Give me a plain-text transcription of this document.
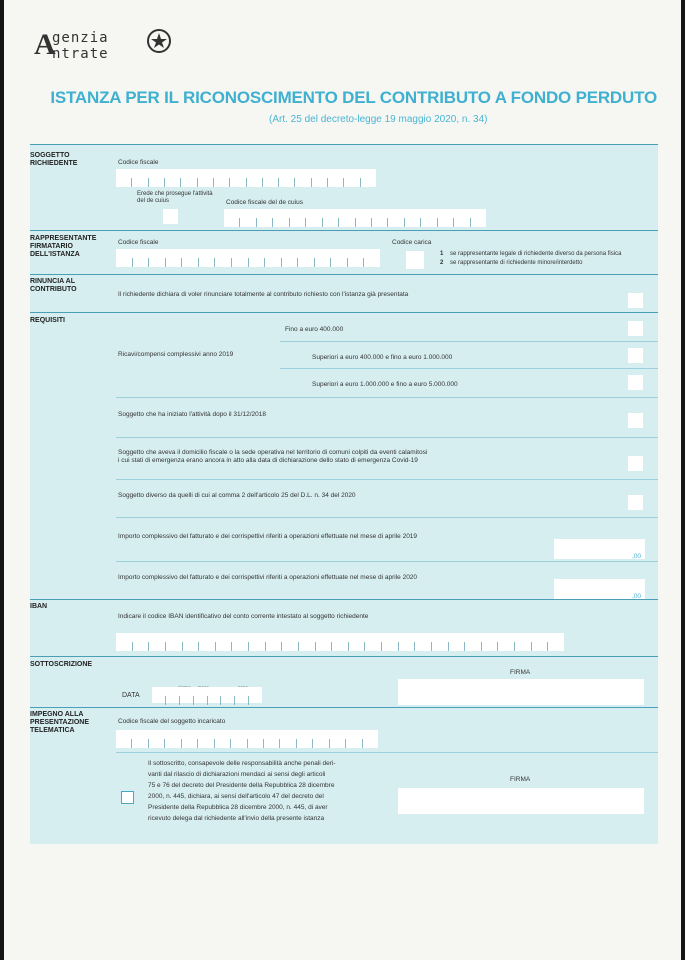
A
genzia
ntrate
ISTANZA PER IL RICONOSCIMENTO DEL CONTRIBUTO A FONDO PERDUTO
(Art. 25 del decreto-legge 19 maggio 2020, n. 34)
SOGGETTO RICHIEDENTE	Codice fiscale
Erede che prosegue l'attività del de cuius	Codice fiscale del de cuius
RAPPRESENTANTE FIRMATARIO DELL'ISTANZA
Codice fiscale	Codice carica
1 se rappresentante legale di richiedente diverso da persona fisica
2 se rappresentante di richiedente minore/interdetto
RINUNCIA AL CONTRIBUTO
Il richiedente dichiara di voler rinunciare totalmente al contributo richiesto con l'istanza già presentata
REQUISITI
Fino a euro 400.000
Ricavi/compensi complessivi anno 2019	Superiori a euro 400.000 e fino a euro 1.000.000
Superiori a euro 1.000.000 e fino a euro 5.000.000
Soggetto che ha iniziato l'attività dopo il 31/12/2018
Soggetto che aveva il domicilio fiscale o la sede operativa nel territorio di comuni colpiti da eventi calamitosi
i cui stati di emergenza erano ancora in atto alla data di dichiarazione dello stato di emergenza Covid-19
Soggetto diverso da quelli di cui al comma 2 dell'articolo 25 del D.L. n. 34 del 2020
Importo complessivo del fatturato e dei corrispettivi riferiti a operazioni effettuate nel mese di aprile 2019
,00
Importo complessivo del fatturato e dei corrispettivi riferiti a operazioni effettuate nel mese di aprile 2020
,00
IBAN
Indicare il codice IBAN identificativo del conto corrente intestato al soggetto richiedente
SOTTOSCRIZIONE
DATA
FIRMA
IMPEGNO ALLA PRESENTAZIONE TELEMATICA
Codice fiscale del soggetto incaricato
Il sottoscritto, consapevole delle responsabilità anche penali deri-
vanti dal rilascio di dichiarazioni mendaci ai sensi degli articoli
75 e 76 del decreto del Presidente della Repubblica 28 dicembre
2000, n. 445, dichiara, ai sensi dell'articolo 47 del decreto del
Presidente della Repubblica 28 dicembre 2000, n. 445, di aver
ricevuto delega dal richiedente all'invio della presente istanza
FIRMA
